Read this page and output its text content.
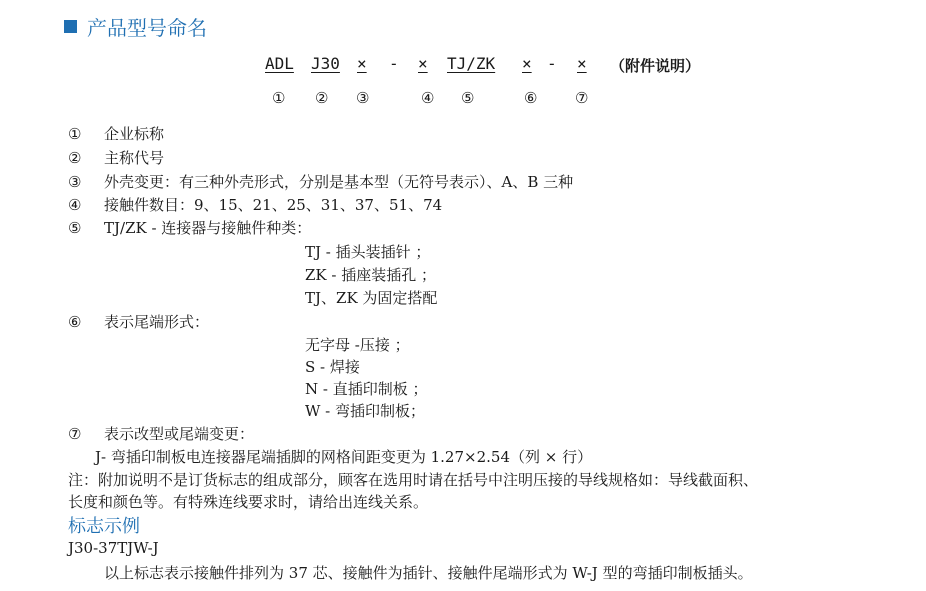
产品型号命名
ADL J30 × - × TJ/ZK × - × （附件说明）
① ② ③	④ ⑤	⑥	⑦
① 企业标称
② 主称代号
③ 外壳变更：有三种外壳形式，分别是基本型（无符号表示）、A、B 三种
④ 接触件数目：9、15、21、25、31、37、51、74
⑤ TJ/ZK - 连接器与接触件种类：
TJ - 插头装插针 ；
ZK - 插座装插孔 ；
TJ、ZK 为固定搭配
⑥ 表示尾端形式：
无字母 -压接 ；
S - 焊接
N - 直插印制板 ；
W - 弯插印制板；
⑦ 表示改型或尾端变更：
J- 弯插印制板电连接器尾端插脚的网格间距变更为 1.27×2.54（列 × 行）
注：附加说明不是订货标志的组成部分，顾客在选用时请在括号中注明压接的导线规格如：导线截面积、
长度和颜色等。有特殊连线要求时，请给出连线关系。
标志示例
J30-37TJW-J
以上标志表示接触件排列为 37 芯、接触件为插针、接触件尾端形式为 W-J 型的弯插印制板插头。
